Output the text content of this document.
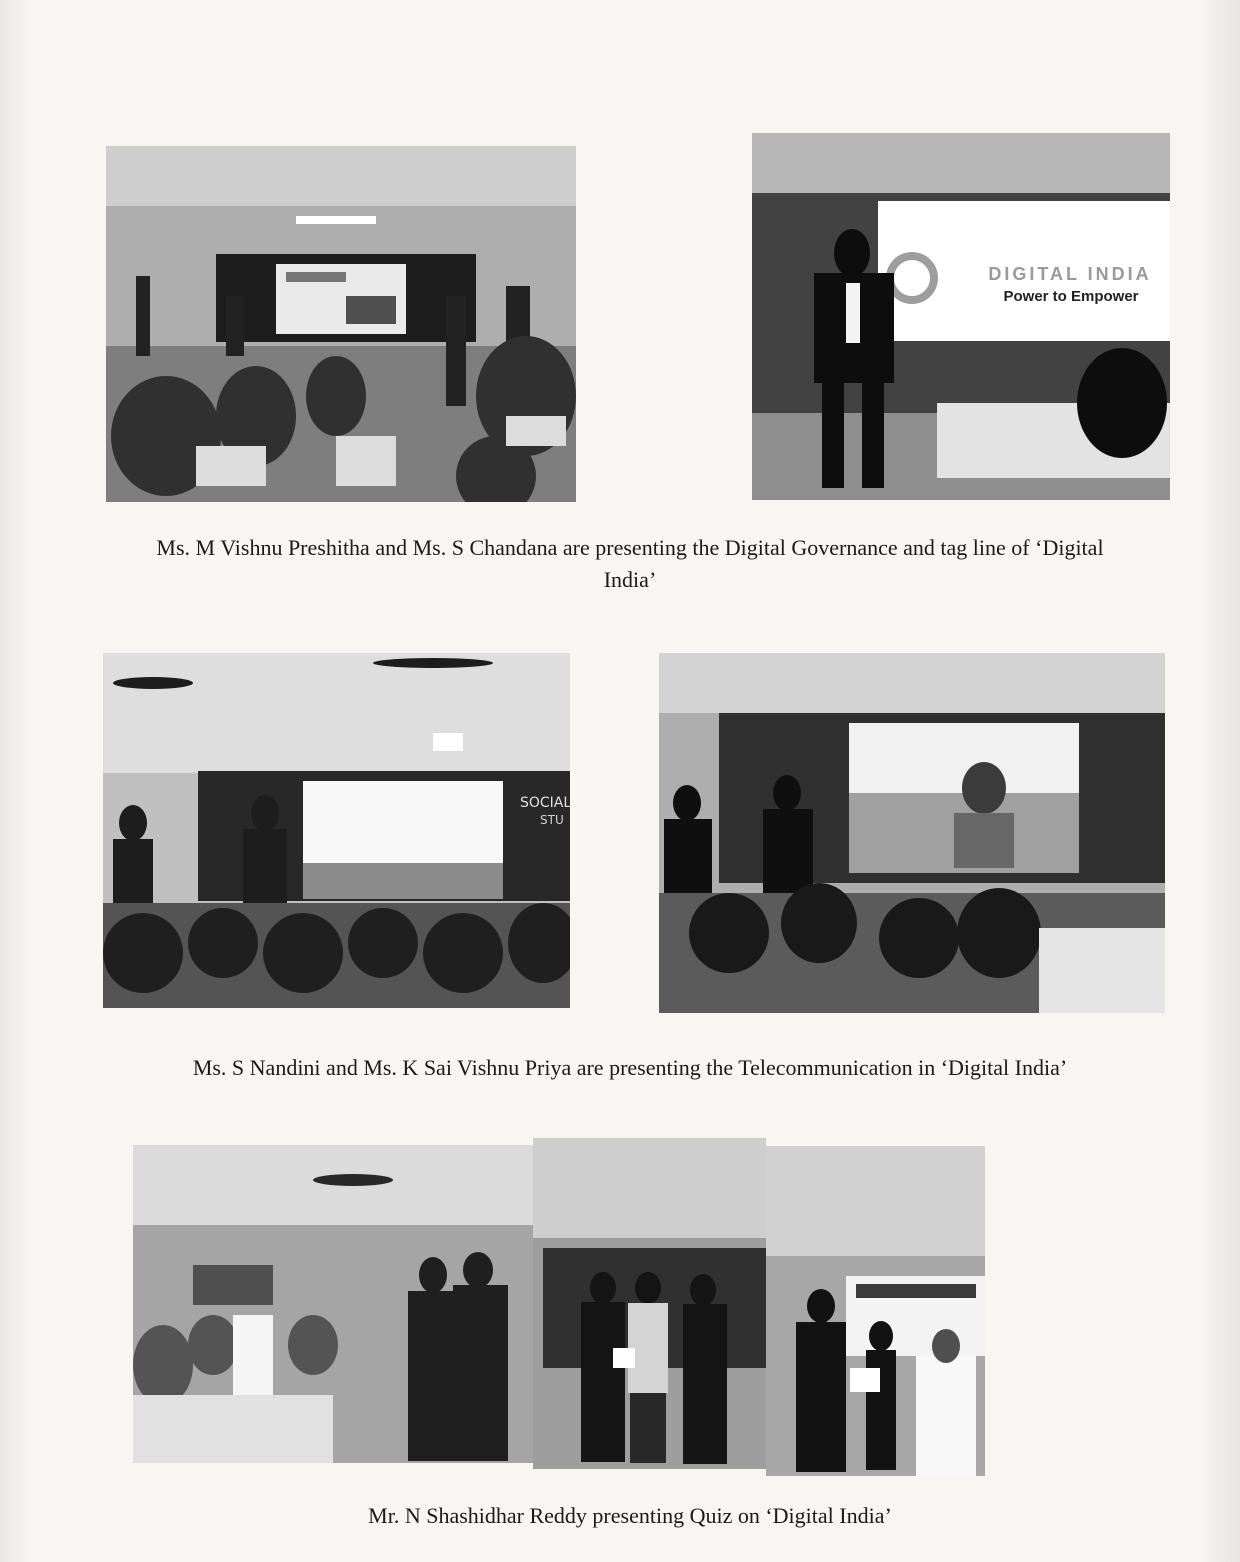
DIGITAL INDIA
Power to Empower
Ms. M Vishnu Preshitha and Ms. S Chandana are presenting the Digital Governance and tag line of ‘Digital India’
SOCIAL
STU
Ms. S Nandini and Ms. K Sai Vishnu Priya are presenting the Telecommunication in ‘Digital India’
Mr. N Shashidhar Reddy presenting Quiz on ‘Digital India’
